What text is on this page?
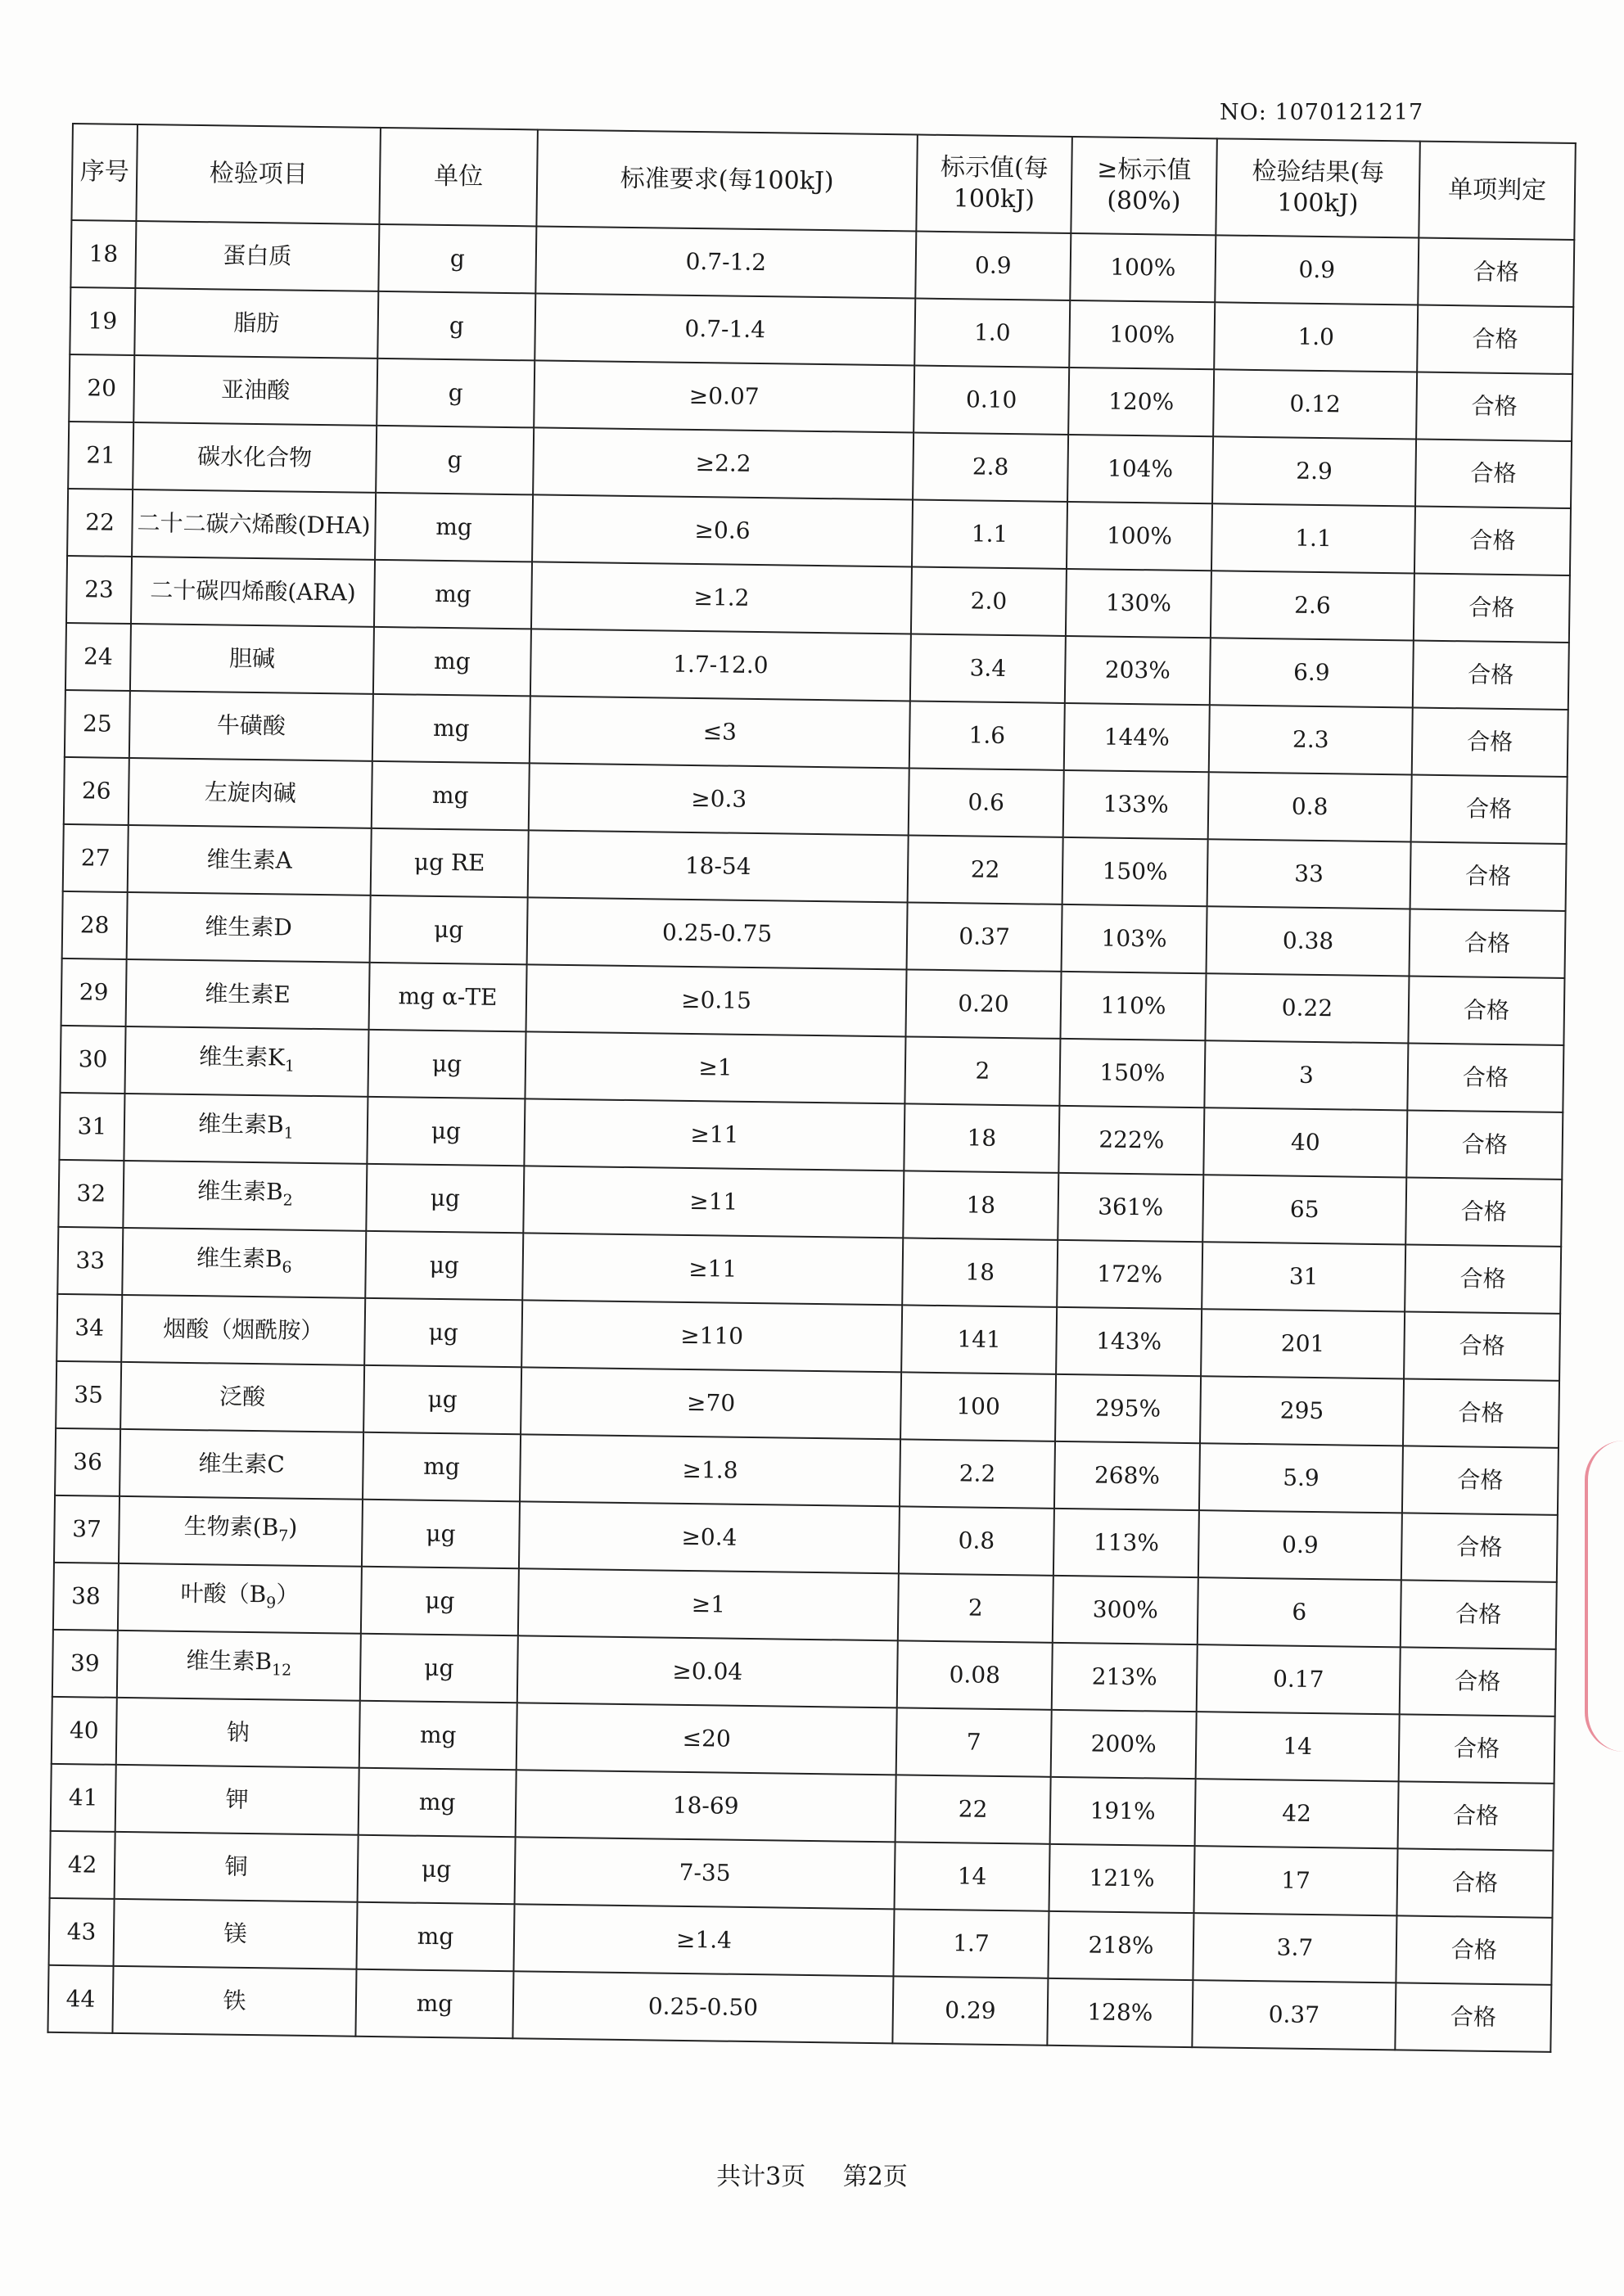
NO: 1070121217
序号	检验项目	单位	标准要求(每100kJ)	标示值(每100kJ)	≥标示值(80%)	检验结果(每100kJ)	单项判定
18	蛋白质	g	0.7-1.2	0.9	100%	0.9	合格
19	脂肪	g	0.7-1.4	1.0	100%	1.0	合格
20	亚油酸	g	≥0.07	0.10	120%	0.12	合格
21	碳水化合物	g	≥2.2	2.8	104%	2.9	合格
22	二十二碳六烯酸(DHA)	mg	≥0.6	1.1	100%	1.1	合格
23	二十碳四烯酸(ARA)	mg	≥1.2	2.0	130%	2.6	合格
24	胆碱	mg	1.7-12.0	3.4	203%	6.9	合格
25	牛磺酸	mg	≤3	1.6	144%	2.3	合格
26	左旋肉碱	mg	≥0.3	0.6	133%	0.8	合格
27	维生素A	μg RE	18-54	22	150%	33	合格
28	维生素D	μg	0.25-0.75	0.37	103%	0.38	合格
29	维生素E	mg α-TE	≥0.15	0.20	110%	0.22	合格
30	维生素$K_1$	μg	≥1	2	150%	3	合格
31	维生素$B_1$	μg	≥11	18	222%	40	合格
32	维生素$B_2$	μg	≥11	18	361%	65	合格
33	维生素$B_6$	μg	≥11	18	172%	31	合格
34	烟酸（烟酰胺）	μg	≥110	141	143%	201	合格
35	泛酸	μg	≥70	100	295%	295	合格
36	维生素C	mg	≥1.8	2.2	268%	5.9	合格
37	生物素$(B_7)$	μg	≥0.4	0.8	113%	0.9	合格
38	叶酸$(B_9)$	μg	≥1	2	300%	6	合格
39	维生素$B_{12}$	μg	≥0.04	0.08	213%	0.17	合格
40	钠	mg	≤20	7	200%	14	合格
41	钾	mg	18-69	22	191%	42	合格
42	铜	μg	7-35	14	121%	17	合格
43	镁	mg	≥1.4	1.7	218%	3.7	合格
44	铁	mg	0.25-0.50	0.29	128%	0.37	合格
共计3页 第2页
